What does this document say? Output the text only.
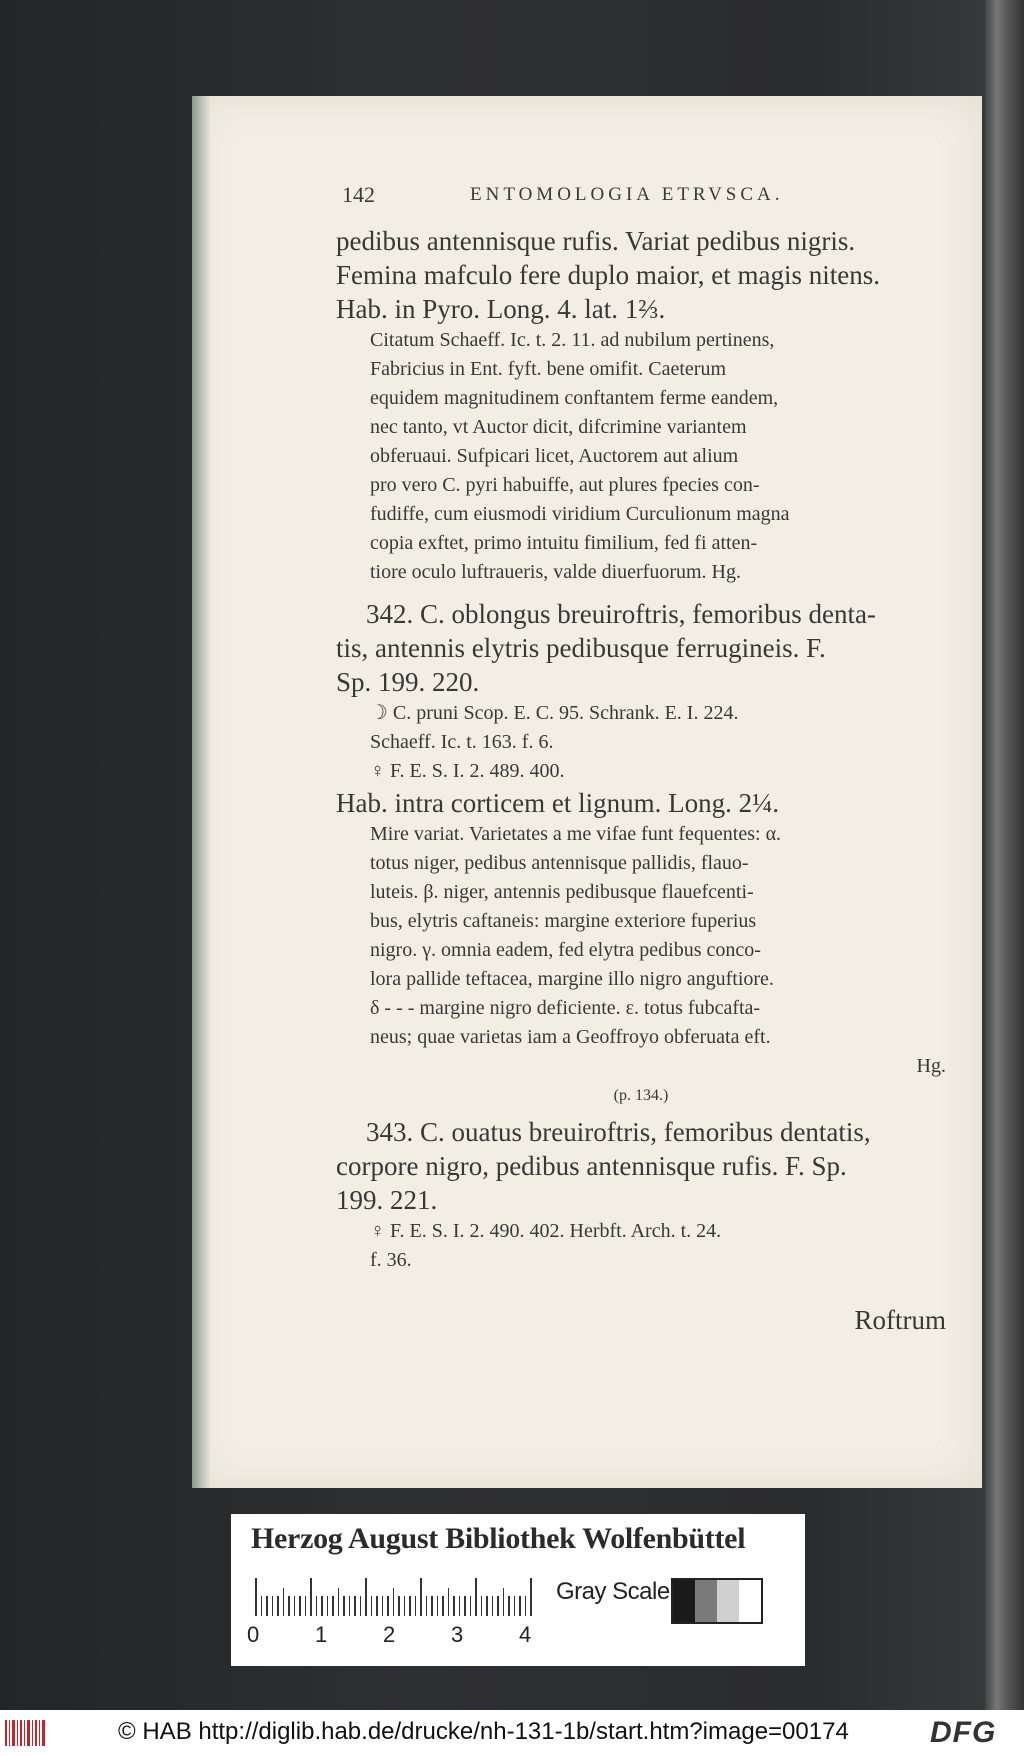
142	ENTOMOLOGIA ETRVSCA.

pedibus antennisque rufis. Variat pedibus nigris.

Femina mafculo fere duplo maior, et magis nitens.

Hab. in Pyro. Long. 4. lat. 1⅔.

Citatum Schaeff. Ic. t. 2. 11. ad nubilum pertinens,

Fabricius in Ent. fyft. bene omifit. Caeterum

equidem magnitudinem conftantem ferme eandem,

nec tanto, vt Auctor dicit, difcrimine variantem

obferuaui. Sufpicari licet, Auctorem aut alium

pro vero C. pyri habuiffe, aut plures fpecies con-

fudiffe, cum eiusmodi viridium Curculionum magna

copia exftet, primo intuitu fimilium, fed fi atten-

tiore oculo luftraueris, valde diuerfuorum. Hg.

342. C. oblongus breuiroftris, femoribus denta-

tis, antennis elytris pedibusque ferrugineis. F.

Sp. 199. 220.

☽ C. pruni Scop. E. C. 95. Schrank. E. I. 224.

Schaeff. Ic. t. 163. f. 6.

♀ F. E. S. I. 2. 489. 400.

Hab. intra corticem et lignum. Long. 2¼.

Mire variat. Varietates a me vifae funt fequentes: α.

totus niger, pedibus antennisque pallidis, flauo-

luteis. β. niger, antennis pedibusque flauefcenti-

bus, elytris caftaneis: margine exteriore fuperius

nigro. γ. omnia eadem, fed elytra pedibus conco-

lora pallide teftacea, margine illo nigro anguftiore.

δ - - - margine nigro deficiente. ε. totus fubcafta-

neus; quae varietas iam a Geoffroyo obferuata eft.

Hg.

(p. 134.)

343. C. ouatus breuiroftris, femoribus dentatis,

corpore nigro, pedibus antennisque rufis. F. Sp.

199. 221.

♀ F. E. S. I. 2. 490. 402. Herbft. Arch. t. 24.

f. 36.

Roftrum

Herzog August Bibliothek Wolfenbüttel
0	1	2	3	4
Gray Scale
© HAB http://diglib.hab.de/drucke/nh-131-1b/start.htm?image=00174	DFG
